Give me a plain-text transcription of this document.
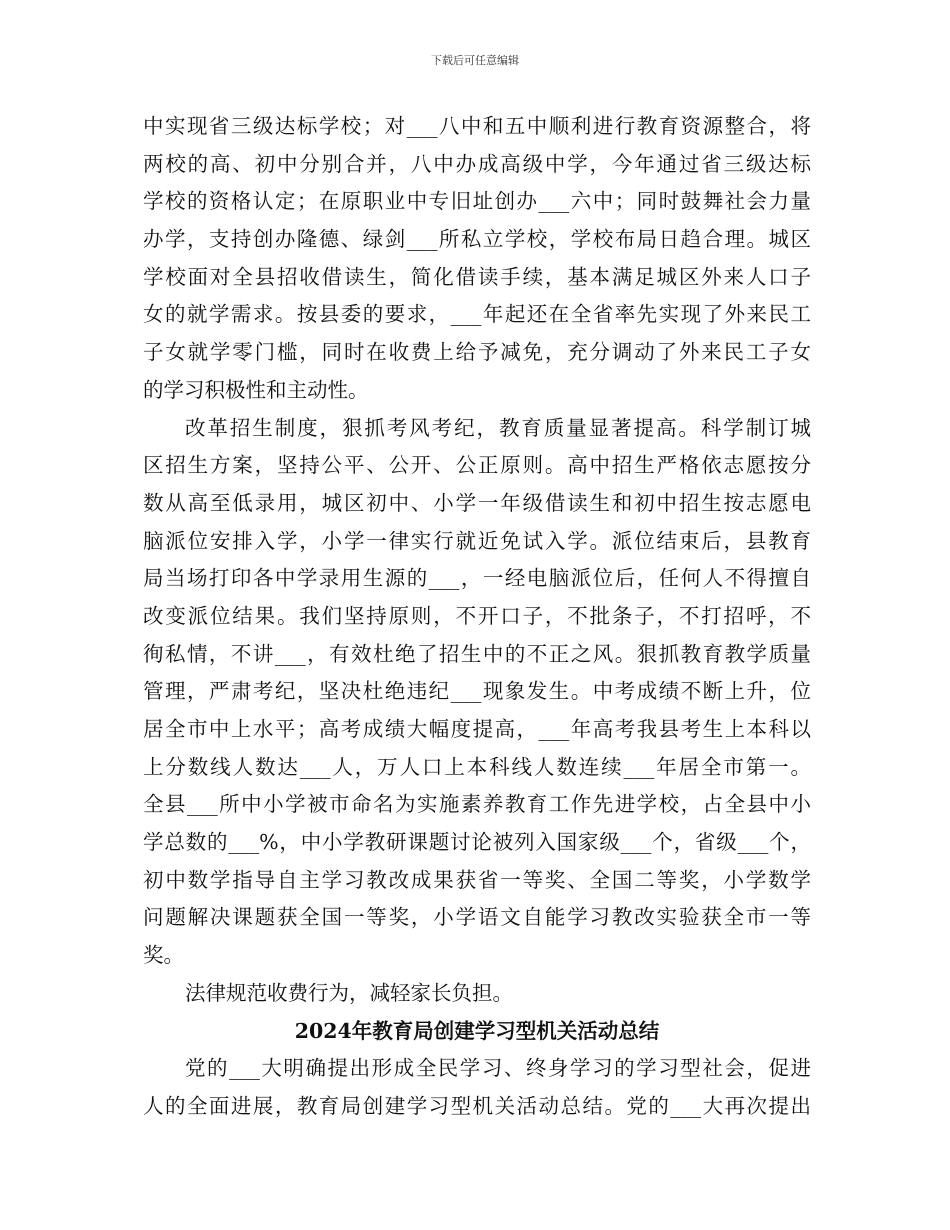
下载后可任意编辑
中实现省三级达标学校；对___八中和五中顺利进行教育资源整合，将
两校的高、初中分别合并，八中办成高级中学，今年通过省三级达标
学校的资格认定；在原职业中专旧址创办___六中；同时鼓舞社会力量
办学，支持创办隆德、绿剑___所私立学校，学校布局日趋合理。城区
学校面对全县招收借读生，简化借读手续，基本满足城区外来人口子
女的就学需求。按县委的要求，___年起还在全省率先实现了外来民工
子女就学零门槛，同时在收费上给予减免，充分调动了外来民工子女
的学习积极性和主动性。
改革招生制度，狠抓考风考纪，教育质量显著提高。科学制订城
区招生方案，坚持公平、公开、公正原则。高中招生严格依志愿按分
数从高至低录用，城区初中、小学一年级借读生和初中招生按志愿电
脑派位安排入学，小学一律实行就近免试入学。派位结束后，县教育
局当场打印各中学录用生源的___，一经电脑派位后，任何人不得擅自
改变派位结果。我们坚持原则，不开口子，不批条子，不打招呼，不
徇私情，不讲___，有效杜绝了招生中的不正之风。狠抓教育教学质量
管理，严肃考纪，坚决杜绝违纪___现象发生。中考成绩不断上升，位
居全市中上水平；高考成绩大幅度提高，___年高考我县考生上本科以
上分数线人数达___人，万人口上本科线人数连续___年居全市第一。
全县___所中小学被市命名为实施素养教育工作先进学校，占全县中小
学总数的___%，中小学教研课题讨论被列入国家级___个，省级___个，
初中数学指导自主学习教改成果获省一等奖、全国二等奖，小学数学
问题解决课题获全国一等奖，小学语文自能学习教改实验获全市一等
奖。
法律规范收费行为，减轻家长负担。
2024年教育局创建学习型机关活动总结
党的___大明确提出形成全民学习、终身学习的学习型社会，促进
人的全面进展，教育局创建学习型机关活动总结。党的___大再次提出
